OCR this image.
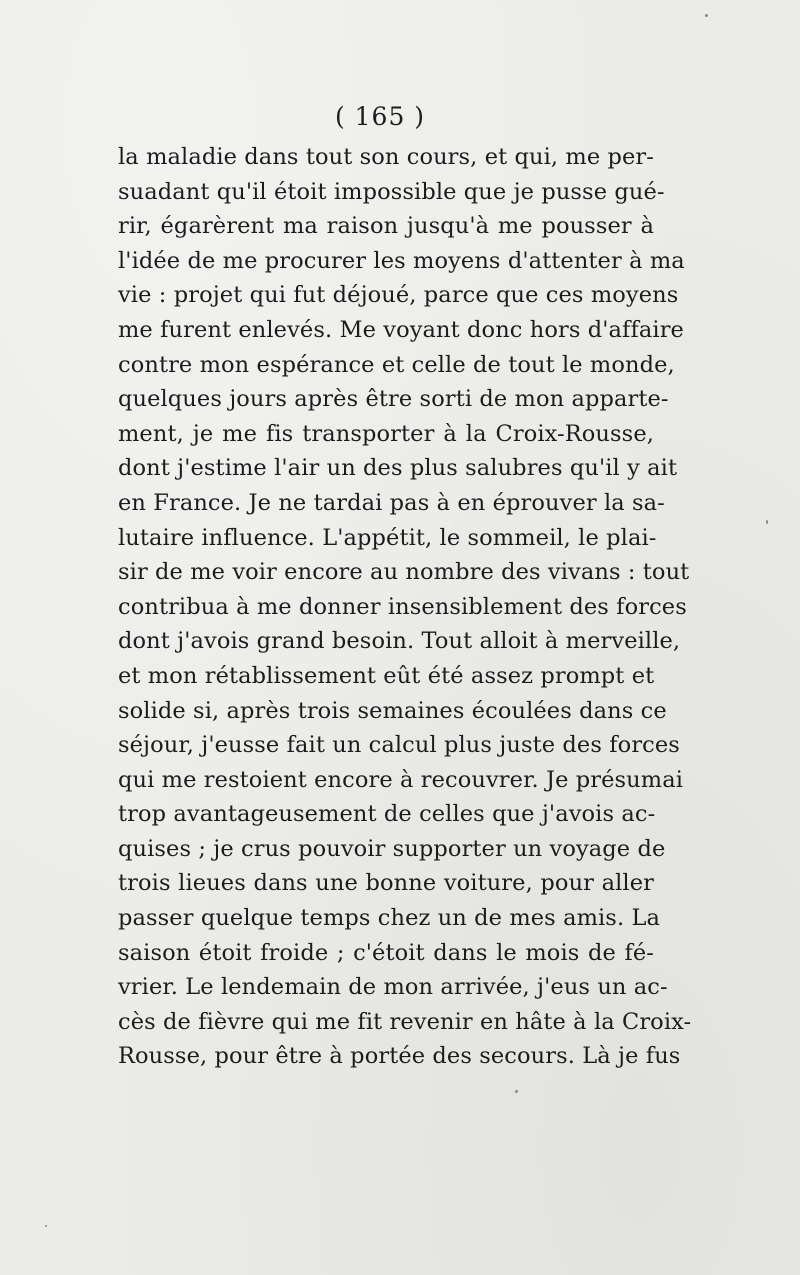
( 165 )
la maladie dans tout son cours, et qui, me per-
suadant qu'il étoit impossible que je pusse gué-
rir, égarèrent ma raison jusqu'à me pousser à
l'idée de me procurer les moyens d'attenter à ma
vie : projet qui fut déjoué, parce que ces moyens
me furent enlevés. Me voyant donc hors d'affaire
contre mon espérance et celle de tout le monde,
quelques jours après être sorti de mon apparte-
ment, je me fis transporter à la Croix-Rousse,
dont j'estime l'air un des plus salubres qu'il y ait
en France. Je ne tardai pas à en éprouver la sa-
lutaire influence. L'appétit, le sommeil, le plai-
sir de me voir encore au nombre des vivans : tout
contribua à me donner insensiblement des forces
dont j'avois grand besoin. Tout alloit à merveille,
et mon rétablissement eût été assez prompt et
solide si, après trois semaines écoulées dans ce
séjour, j'eusse fait un calcul plus juste des forces
qui me restoient encore à recouvrer. Je présumai
trop avantageusement de celles que j'avois ac-
quises ; je crus pouvoir supporter un voyage de
trois lieues dans une bonne voiture, pour aller
passer quelque temps chez un de mes amis. La
saison étoit froide ; c'étoit dans le mois de fé-
vrier. Le lendemain de mon arrivée, j'eus un ac-
cès de fièvre qui me fit revenir en hâte à la Croix-
Rousse, pour être à portée des secours. Là je fus
